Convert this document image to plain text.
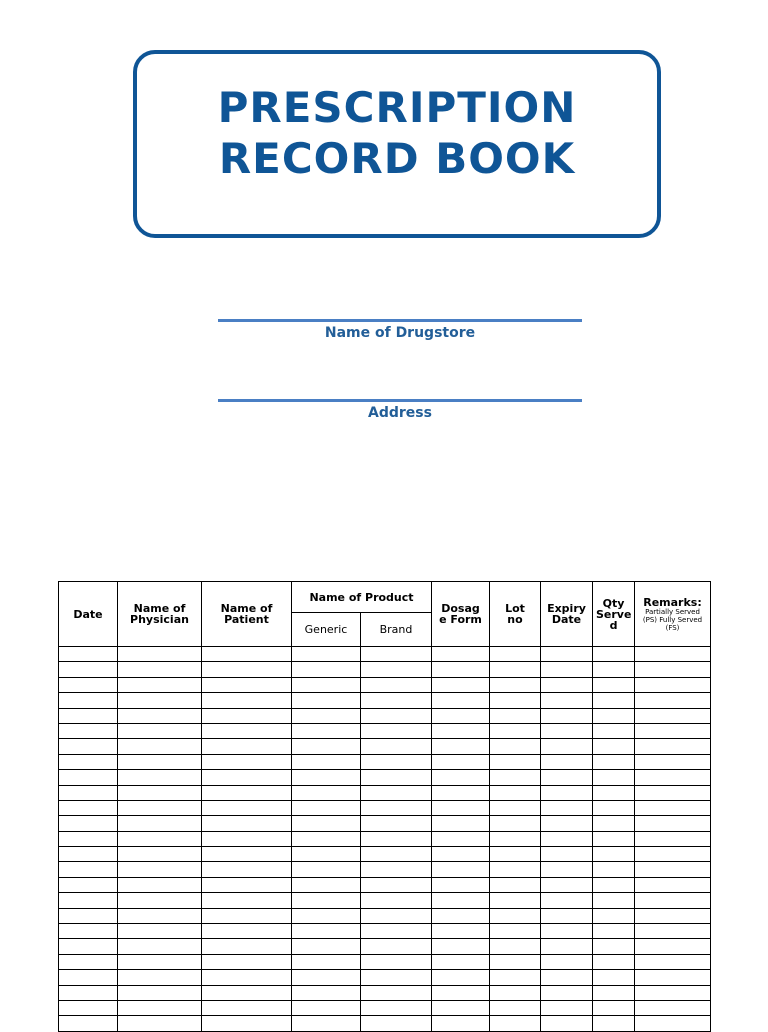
PRESCRIPTION
RECORD BOOK
Name of Drugstore
Address
Date	Name of Physician	Name of Patient	Name of Product		Dosag e Form	Lot no	Expiry Date	Qty Serve d	Remarks:
Partially Served (PS) Fully Served (FS)

			Generic	Brand					
